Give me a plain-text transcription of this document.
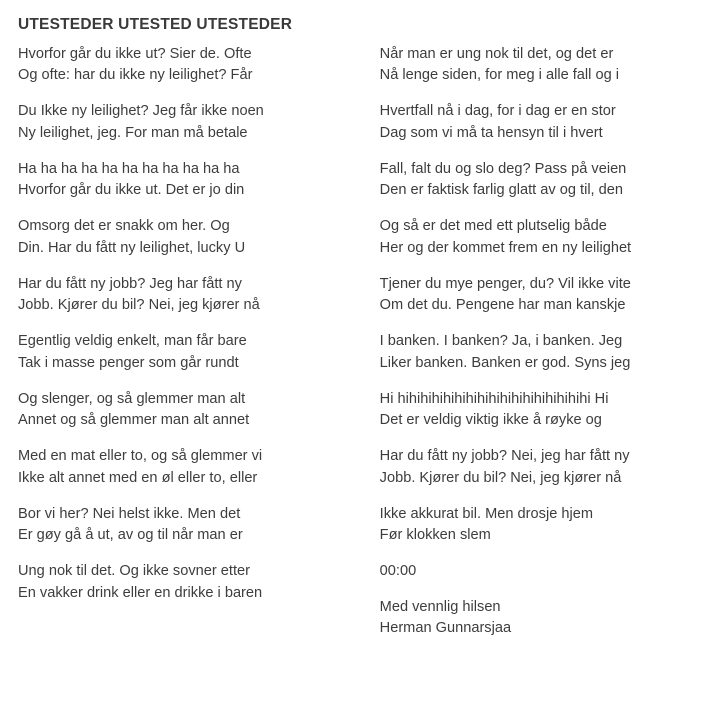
UTESTEDER UTESTED UTESTEDER
Hvorfor går du ikke ut? Sier de. Ofte
Og ofte: har du ikke ny leilighet? Får
Du Ikke ny leilighet? Jeg får ikke noen
Ny leilighet, jeg. For man må betale
Ha ha ha ha ha ha ha ha ha ha ha
Hvorfor går du ikke ut. Det er jo din
Omsorg det er snakk om her. Og
Din. Har du fått ny leilighet, lucky U
Har du fått ny jobb? Jeg har fått ny
Jobb. Kjører du bil? Nei, jeg kjører nå
Egentlig veldig enkelt, man får bare
Tak i masse penger som går rundt
Og slenger, og så glemmer man alt
Annet og så glemmer man alt annet
Med en mat eller to, og så glemmer vi
Ikke alt annet med en øl eller to, eller
Bor vi her? Nei helst ikke. Men det
Er gøy gå å ut, av og til når man er
Ung nok til det. Og ikke sovner etter
En vakker drink eller en drikke i baren
Når man er ung nok til det, og det er
Nå lenge siden, for meg i alle fall og i
Hvertfall nå i dag, for i dag er en stor
Dag som vi må ta hensyn til i hvert
Fall, falt du og slo deg? Pass på veien
Den er faktisk farlig glatt av og til, den
Og så er det med ett plutselig både
Her og der kommet frem en ny leilighet
Tjener du mye penger, du? Vil ikke vite
Om det du. Pengene har man kanskje
I banken. I banken? Ja, i banken. Jeg
Liker banken. Banken er god. Syns jeg
Hi hihihihihihihihihihihihihihihihihi Hi
Det er veldig viktig ikke å røyke og
Har du fått ny jobb? Nei, jeg har fått ny
Jobb. Kjører du bil? Nei, jeg kjører nå
Ikke akkurat bil. Men drosje hjem
Før klokken slem
00:00
Med vennlig hilsen
Herman Gunnarsjaa
